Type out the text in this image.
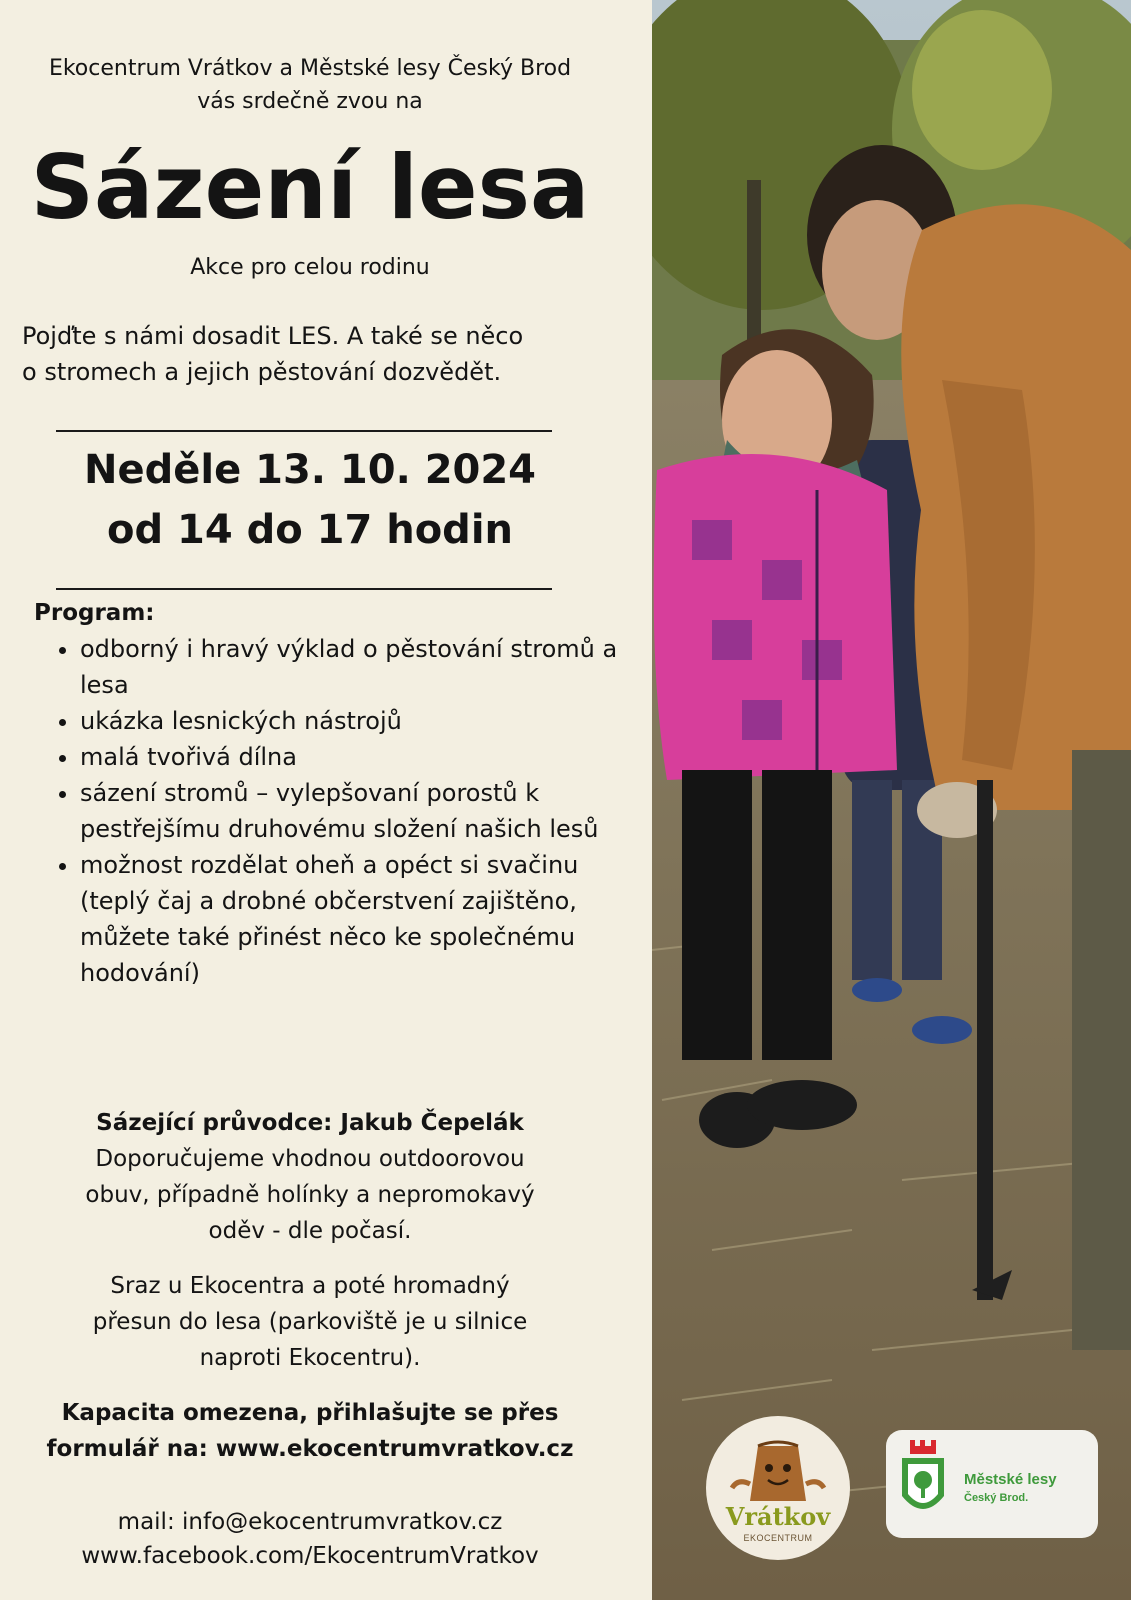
Ekocentrum Vrátkov a Městské lesy Český Brod
vás srdečně zvou na
Sázení lesa
Akce pro celou rodinu
Pojďte s námi dosadit LES. A také se něco
o stromech a jejich pěstování dozvědět.
Neděle 13. 10. 2024
od 14 do 17 hodin
Program:
• odborný i hravý výklad o pěstování stromů a lesa
• ukázka lesnických nástrojů
• malá tvořivá dílna
• sázení stromů – vylepšovaní porostů k pestřejšímu druhovému složení našich lesů
• možnost rozdělat oheň a opéct si svačinu (teplý čaj a drobné občerstvení zajištěno, můžete také přinést něco ke společnému hodování)
Sázející průvodce: Jakub Čepelák
Doporučujeme vhodnou outdoorovou
obuv, případně holínky a nepromokavý
oděv - dle počasí.
Sraz u Ekocentra a poté hromadný
přesun do lesa (parkoviště je u silnice
naproti Ekocentru).
Kapacita omezena, přihlašujte se přes
formulář na: www.ekocentrumvratkov.cz
mail: info@ekocentrumvratkov.cz
www.facebook.com/EkocentrumVratkov
Vrátkov
EKOCENTRUM
Městské lesy
Český Brod.
